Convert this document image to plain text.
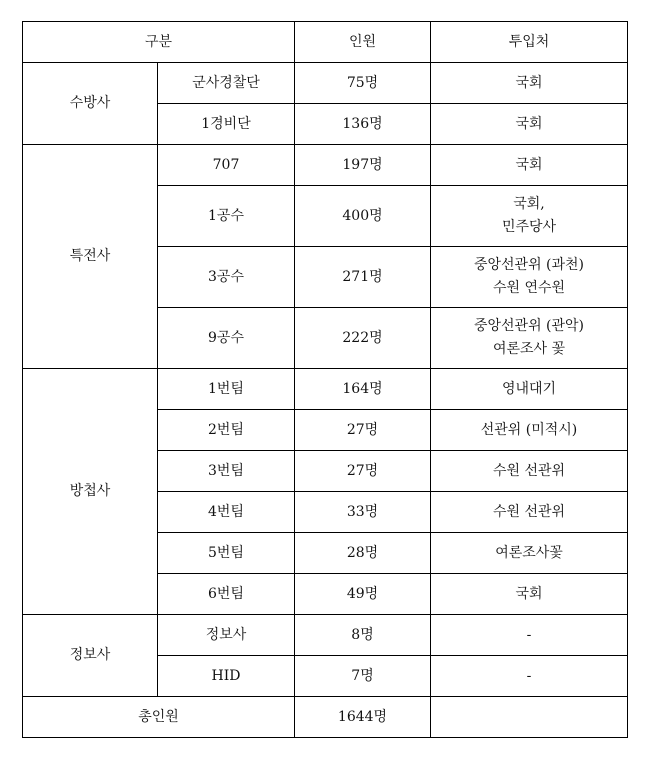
구분		인원	투입처
수방사	군사경찰단	75명	국회
	1경비단	136명	국회
특전사	707	197명	국회
	1공수	400명	국회,
민주당사

	3공수	271명	중앙선관위 (과천)
수원 연수원

	9공수	222명	중앙선관위 (관악)
여론조사 꽃

방첩사	1번팀	164명	영내대기
	2번팀	27명	선관위 (미적시)
	3번팀	27명	수원 선관위
	4번팀	33명	수원 선관위
	5번팀	28명	여론조사꽃
	6번팀	49명	국회
정보사	정보사	8명	-
	HID	7명	-
총인원		1644명	
